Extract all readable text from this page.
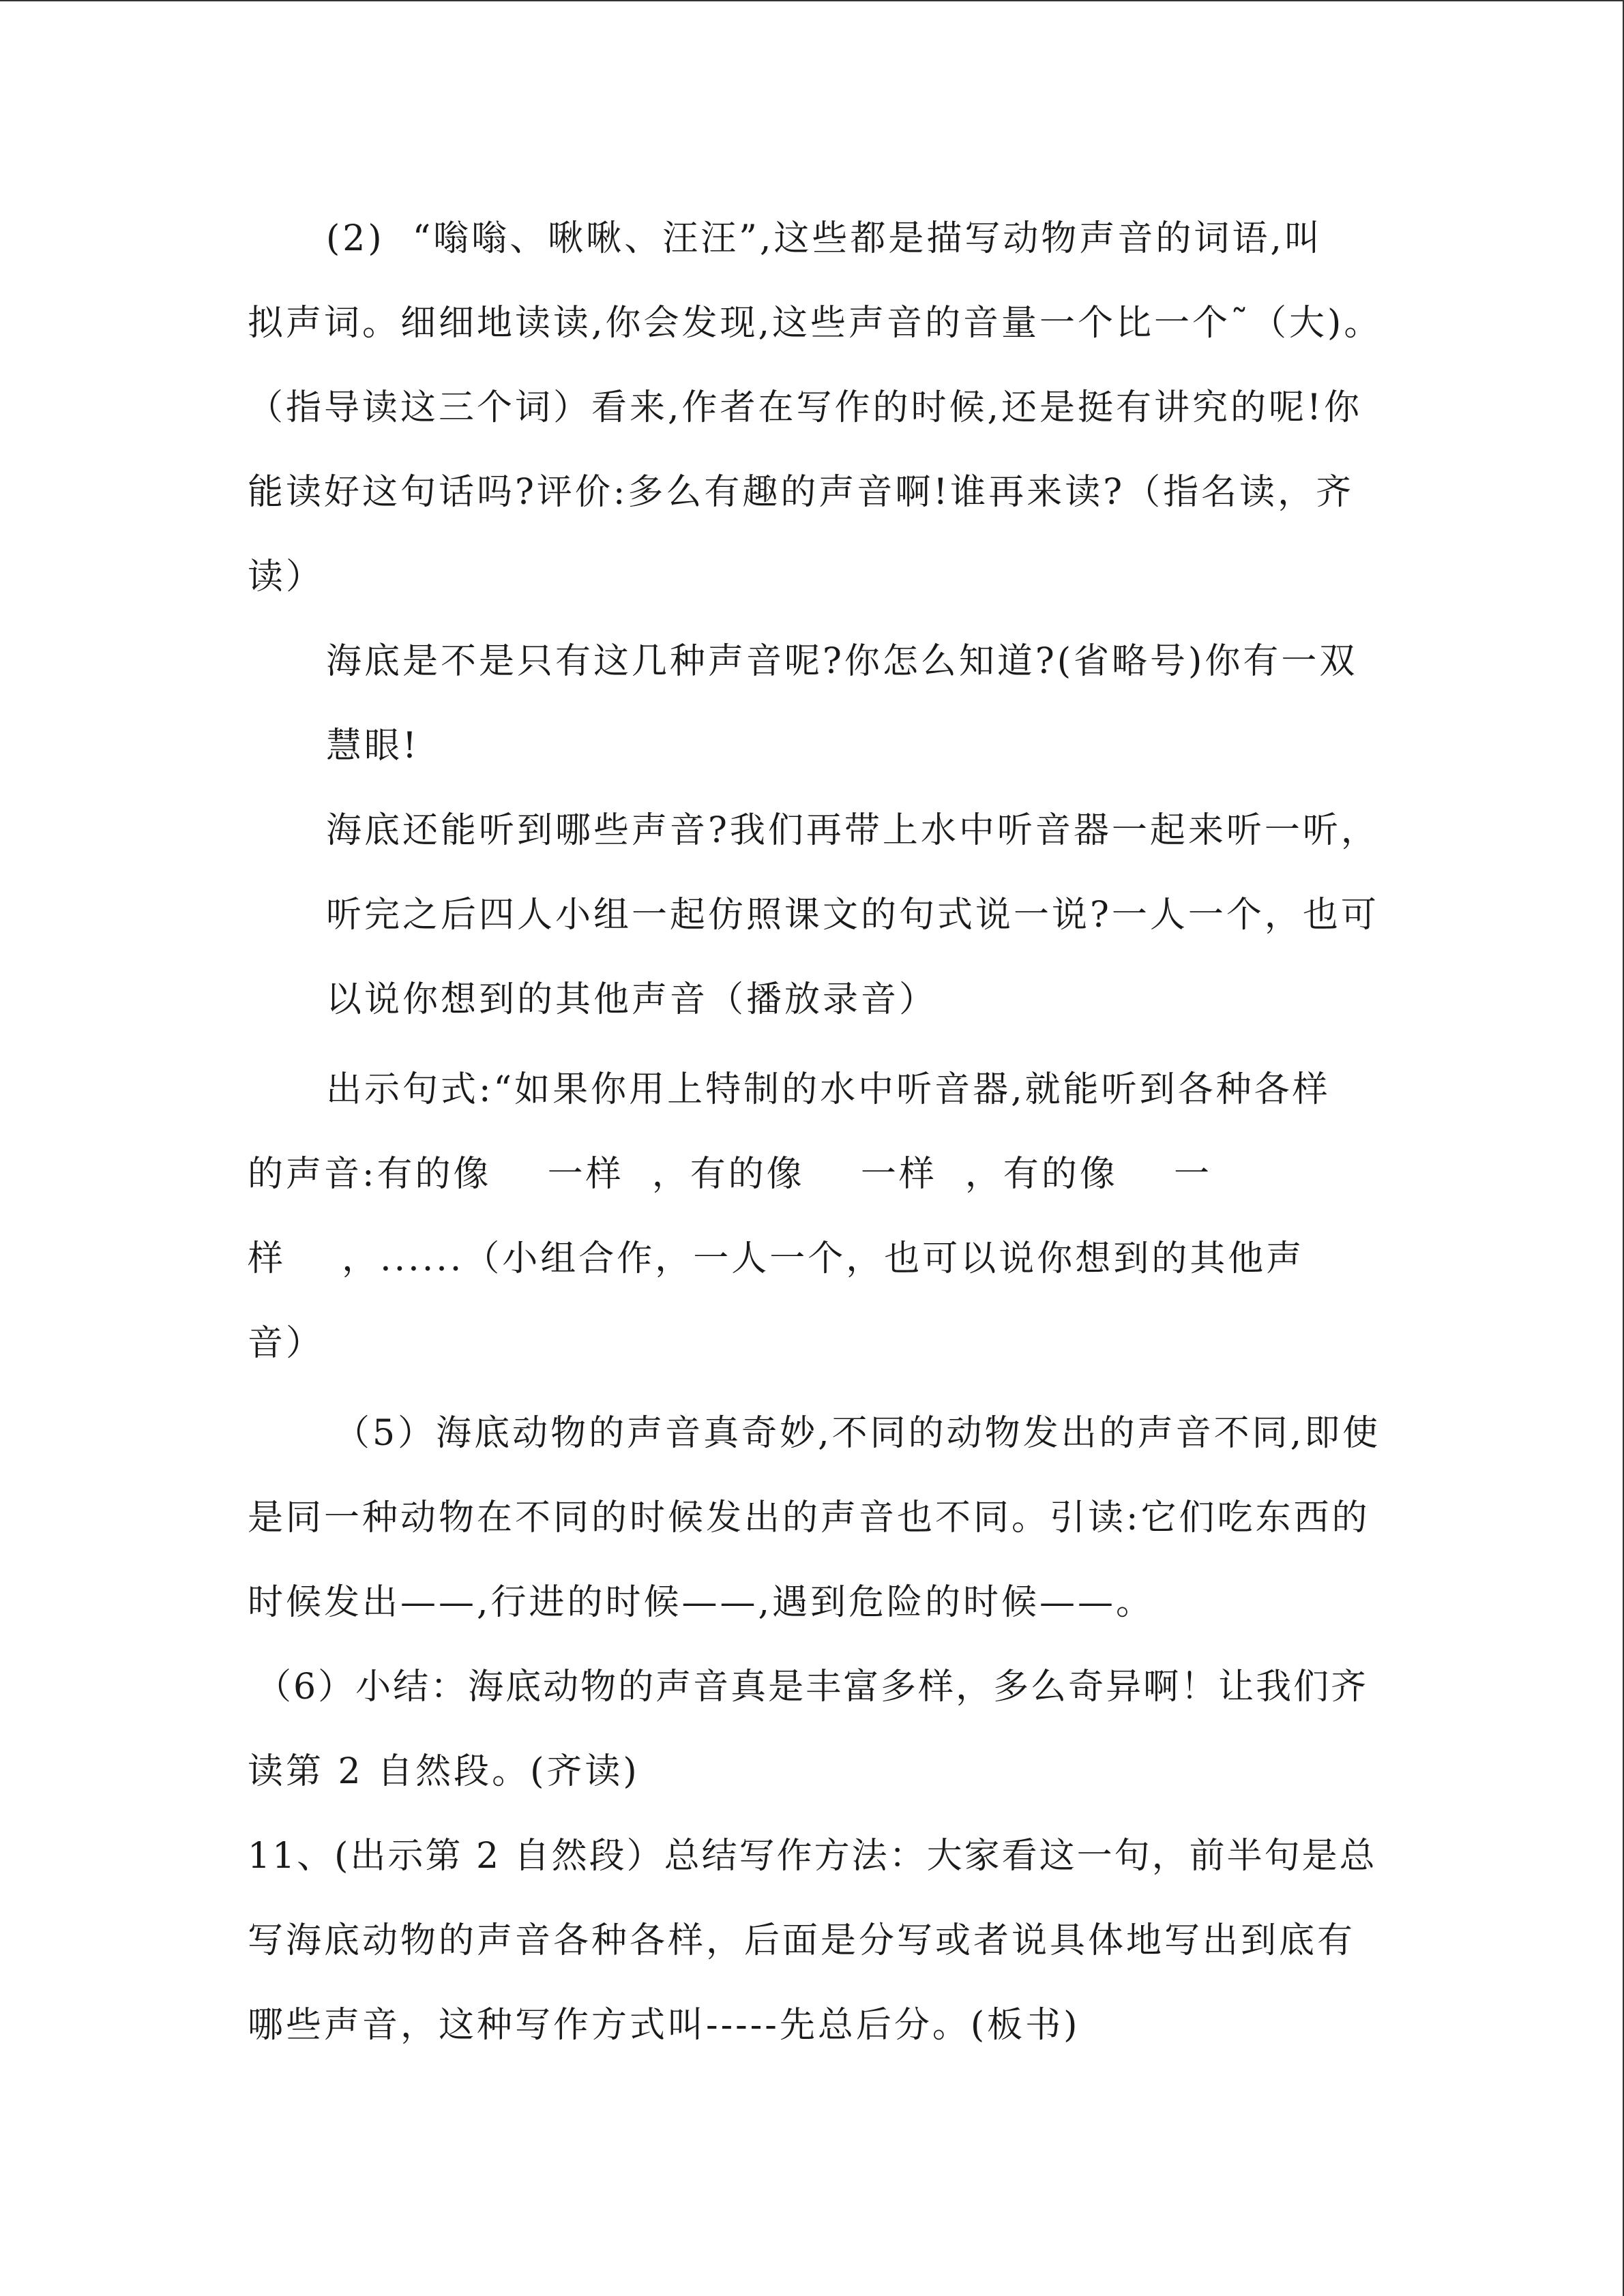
(2)  “嗡嗡、啾啾、汪汪”,这些都是描写动物声音的词语,叫
拟声词。细细地读读,你会发现,这些声音的音量一个比一个˜（大)。
（指导读这三个词）看来,作者在写作的时候,还是挺有讲究的呢!你
能读好这句话吗?评价:多么有趣的声音啊!谁再来读?（指名读，齐
读）
海底是不是只有这几种声音呢?你怎么知道?(省略号)你有一双
慧眼!
海底还能听到哪些声音?我们再带上水中听音器一起来听一听，
听完之后四人小组一起仿照课文的句式说一说?一人一个，也可
以说你想到的其他声音（播放录音）
出示句式:“如果你用上特制的水中听音器,就能听到各种各样
的声音:有的像    一样  ，有的像    一样  ，有的像    一
样    ，......（小组合作，一人一个，也可以说你想到的其他声
音）
（5）海底动物的声音真奇妙,不同的动物发出的声音不同,即使
是同一种动物在不同的时候发出的声音也不同。引读:它们吃东西的
时候发出——,行进的时候——,遇到危险的时候——。
（6）小结：海底动物的声音真是丰富多样，多么奇异啊！让我们齐
读第 2 自然段。(齐读)
11、(出示第 2 自然段）总结写作方法：大家看这一句，前半句是总
写海底动物的声音各种各样，后面是分写或者说具体地写出到底有
哪些声音，这种写作方式叫-----先总后分。(板书)
